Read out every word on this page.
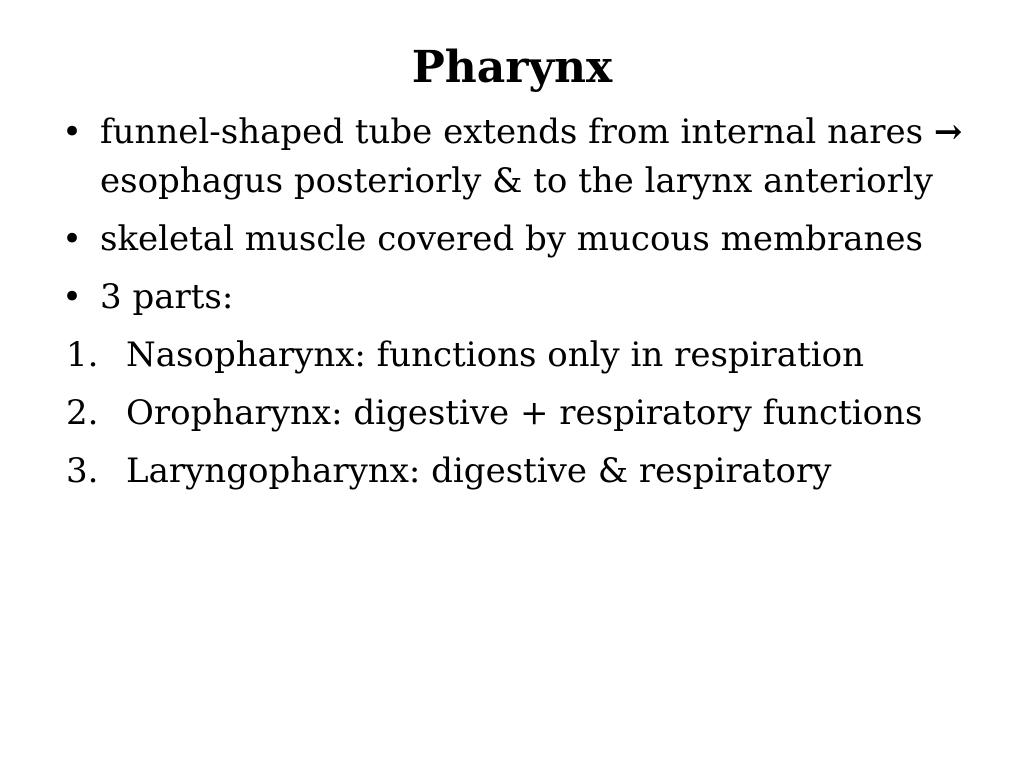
Pharynx
• funnel-shaped tube extends from internal nares → esophagus posteriorly & to the larynx anteriorly
• skeletal muscle covered by mucous membranes
• 3 parts:
1. Nasopharynx: functions only in respiration
2. Oropharynx: digestive + respiratory functions
3. Laryngopharynx: digestive & respiratory
